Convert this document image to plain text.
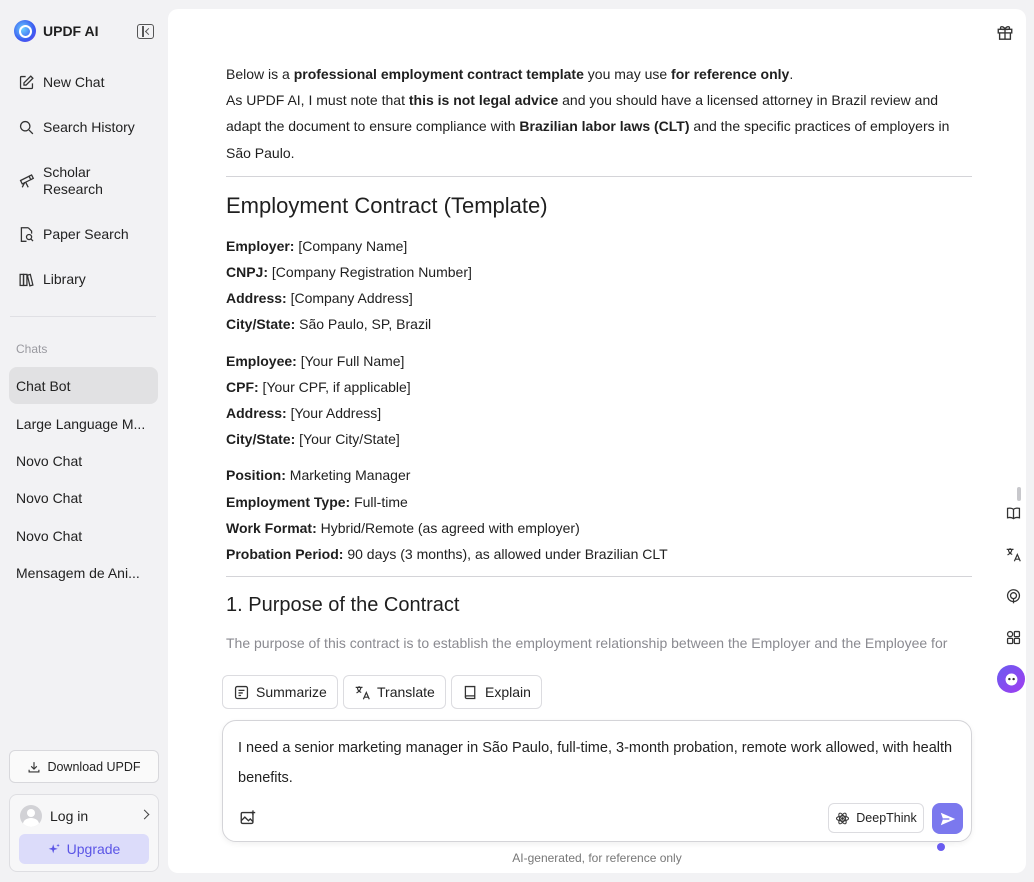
UPDF AI
New Chat
Search History
Scholar Research
Paper Search
Library
Chats
Chat Bot
Large Language M...
Novo Chat
Novo Chat
Novo Chat
Mensagem de Ani...
Download UPDF
Log in
Upgrade

Below is a professional employment contract template you may use for reference only.

As UPDF AI, I must note that this is not legal advice and you should have a licensed attorney in Brazil review and adapt the document to ensure compliance with Brazilian labor laws (CLT) and the specific practices of employers in São Paulo.

Employment Contract (Template)

Employer: [Company Name]

CNPJ: [Company Registration Number]

Address: [Company Address]

City/State: São Paulo, SP, Brazil

Employee: [Your Full Name]

CPF: [Your CPF, if applicable]

Address: [Your Address]

City/State: [Your City/State]

Position: Marketing Manager

Employment Type: Full-time

Work Format: Hybrid/Remote (as agreed with employer)

Probation Period: 90 days (3 months), as allowed under Brazilian CLT

1. Purpose of the Contract

The purpose of this contract is to establish the employment relationship between the Employer and the Employee for

Summarize	Translate	Explain
I need a senior marketing manager in São Paulo, full-time, 3-month probation, remote work allowed, with health benefits.
DeepThink
AI-generated, for reference only
